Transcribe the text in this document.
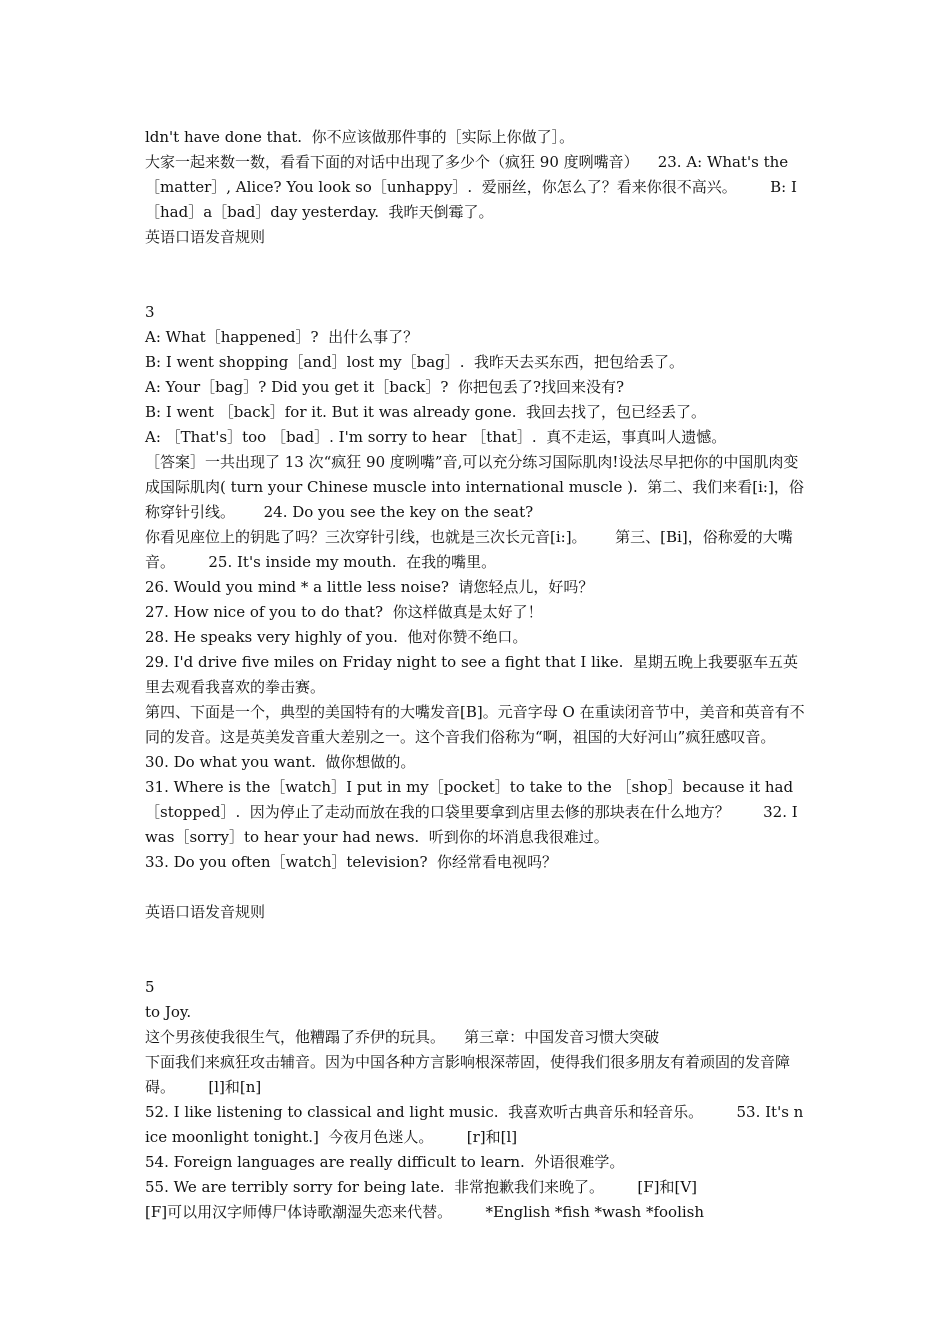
ldn't have done that.  你不应该做那件事的［实际上你做了］。

大家一起来数一数，看看下面的对话中出现了多少个（疯狂 90 度咧嘴音）    23. A: What's the［matter］, Alice? You look so［unhappy］.  爱丽丝，你怎么了？看来你很不高兴。       B: I ［had］a［bad］day yesterday.  我昨天倒霉了。

英语口语发音规则

3

A: What［happened］?  出什么事了？

B: I went shopping［and］lost my［bag］.  我昨天去买东西，把包给丢了。

A: Your［bag］? Did you get it［back］?  你把包丢了?找回来没有?

B: I went ［back］for it. But it was already gone.  我回去找了，包已经丢了。

A: ［That's］too ［bad］. I'm sorry to hear ［that］.  真不走运，事真叫人遗憾。

［答案］一共出现了 13 次“疯狂 90 度咧嘴”音,可以充分练习国际肌肉!设法尽早把你的中国肌肉变成国际肌肉( turn your Chinese muscle into international muscle ).  第二、我们来看[i:]，俗称穿针引线。      24. Do you see the key on the seat?

你看见座位上的钥匙了吗？三次穿针引线，也就是三次长元音[i:]。      第三、[Bi]，俗称爱的大嘴音。       25. It's inside my mouth.  在我的嘴里。

26. Would you mind * a little less noise?  请您轻点儿，好吗？

27. How nice of you to do that?  你这样做真是太好了！

28. He speaks very highly of you.  他对你赞不绝口。

29. I'd drive five miles on Friday night to see a fight that I like.  星期五晚上我要驱车五英里去观看我喜欢的拳击赛。

第四、下面是一个，典型的美国特有的大嘴发音[B]。元音字母 O 在重读闭音节中，美音和英音有不同的发音。这是英美发音重大差别之一。这个音我们俗称为“啊，祖国的大好河山”疯狂感叹音。       30. Do what you want.  做你想做的。

31. Where is the［watch］I put in my［pocket］to take to the ［shop］because it had［stopped］.  因为停止了走动而放在我的口袋里要拿到店里去修的那块表在什么地方？       32. I was［sorry］to hear your had news.  听到你的坏消息我很难过。

33. Do you often［watch］television?  你经常看电视吗？

英语口语发音规则

5

to Joy.

这个男孩使我很生气，他糟蹋了乔伊的玩具。    第三章：中国发音习惯大突破

下面我们来疯狂攻击辅音。因为中国各种方言影响根深蒂固，使得我们很多朋友有着顽固的发音障碍。       [l]和[n]

52. I like listening to classical and light music.  我喜欢听古典音乐和轻音乐。       53. It's nice moonlight tonight.]  今夜月色迷人。       [r]和[l]

54. Foreign languages are really difficult to learn.  外语很难学。

55. We are terribly sorry for being late.  非常抱歉我们来晚了。       [F]和[V]

[F]可以用汉字师傅尸体诗歌潮湿失恋来代替。       *English *fish *wash *foolish
